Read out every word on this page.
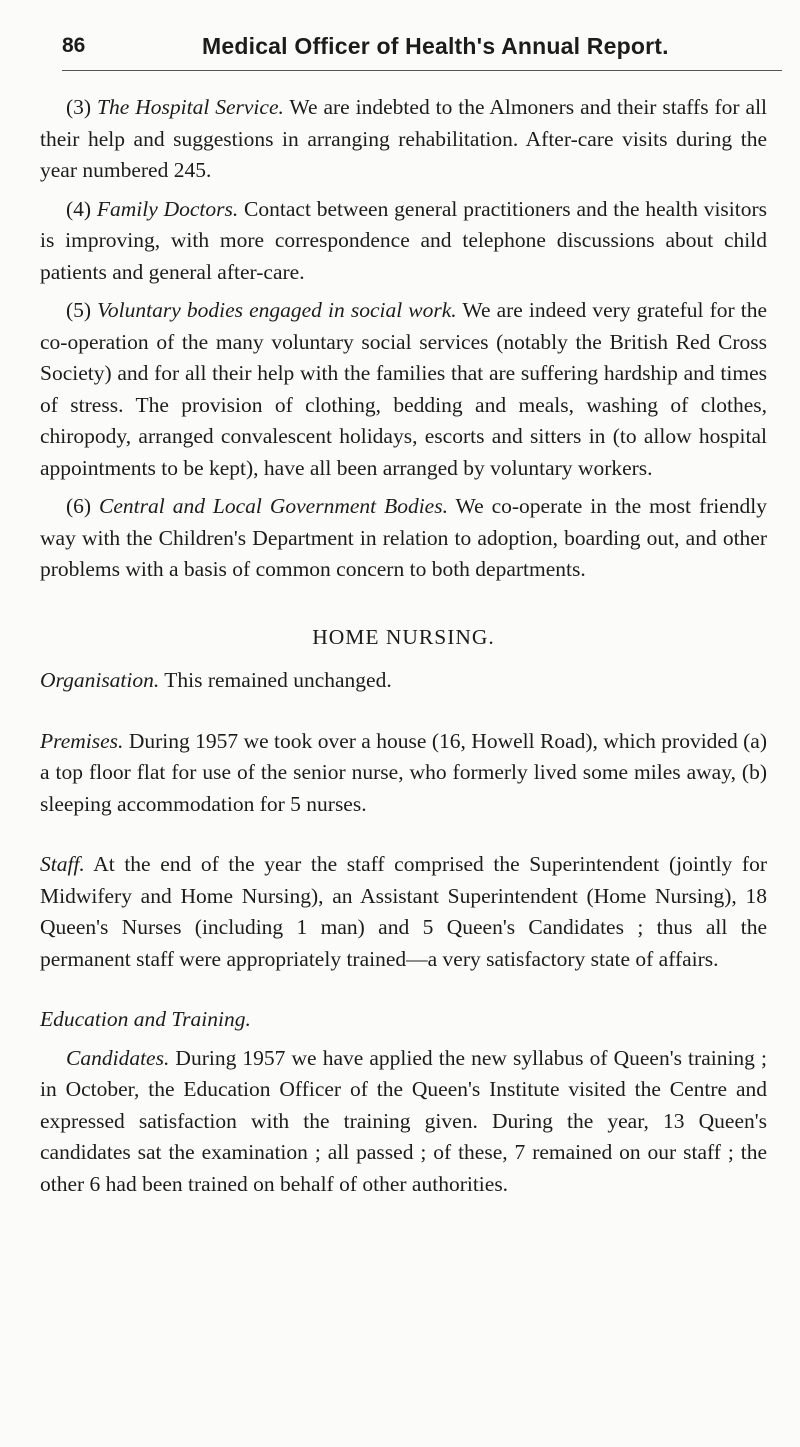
86	Medical Officer of Health's Annual Report.

(3) The Hospital Service. We are indebted to the Almoners and their staffs for all their help and suggestions in arranging rehabilitation. After-care visits during the year numbered 245.

(4) Family Doctors. Contact between general practitioners and the health visitors is improving, with more correspondence and telephone discussions about child patients and general after-care.

(5) Voluntary bodies engaged in social work. We are indeed very grateful for the co-operation of the many voluntary social services (notably the British Red Cross Society) and for all their help with the families that are suffering hardship and times of stress. The provision of clothing, bedding and meals, washing of clothes, chiropody, arranged convalescent holidays, escorts and sitters in (to allow hospital appointments to be kept), have all been arranged by voluntary workers.

(6) Central and Local Government Bodies. We co-operate in the most friendly way with the Children's Department in relation to adoption, boarding out, and other problems with a basis of common concern to both departments.

HOME NURSING.

Organisation. This remained unchanged.

Premises. During 1957 we took over a house (16, Howell Road), which provided (a) a top floor flat for use of the senior nurse, who formerly lived some miles away, (b) sleeping accommodation for 5 nurses.

Staff. At the end of the year the staff comprised the Superintendent (jointly for Midwifery and Home Nursing), an Assistant Superintendent (Home Nursing), 18 Queen's Nurses (including 1 man) and 5 Queen's Candidates ; thus all the permanent staff were appropriately trained—a very satisfactory state of affairs.

Education and Training.

Candidates. During 1957 we have applied the new syllabus of Queen's training ; in October, the Education Officer of the Queen's Institute visited the Centre and expressed satisfaction with the training given. During the year, 13 Queen's candidates sat the examination ; all passed ; of these, 7 remained on our staff ; the other 6 had been trained on behalf of other authorities.
